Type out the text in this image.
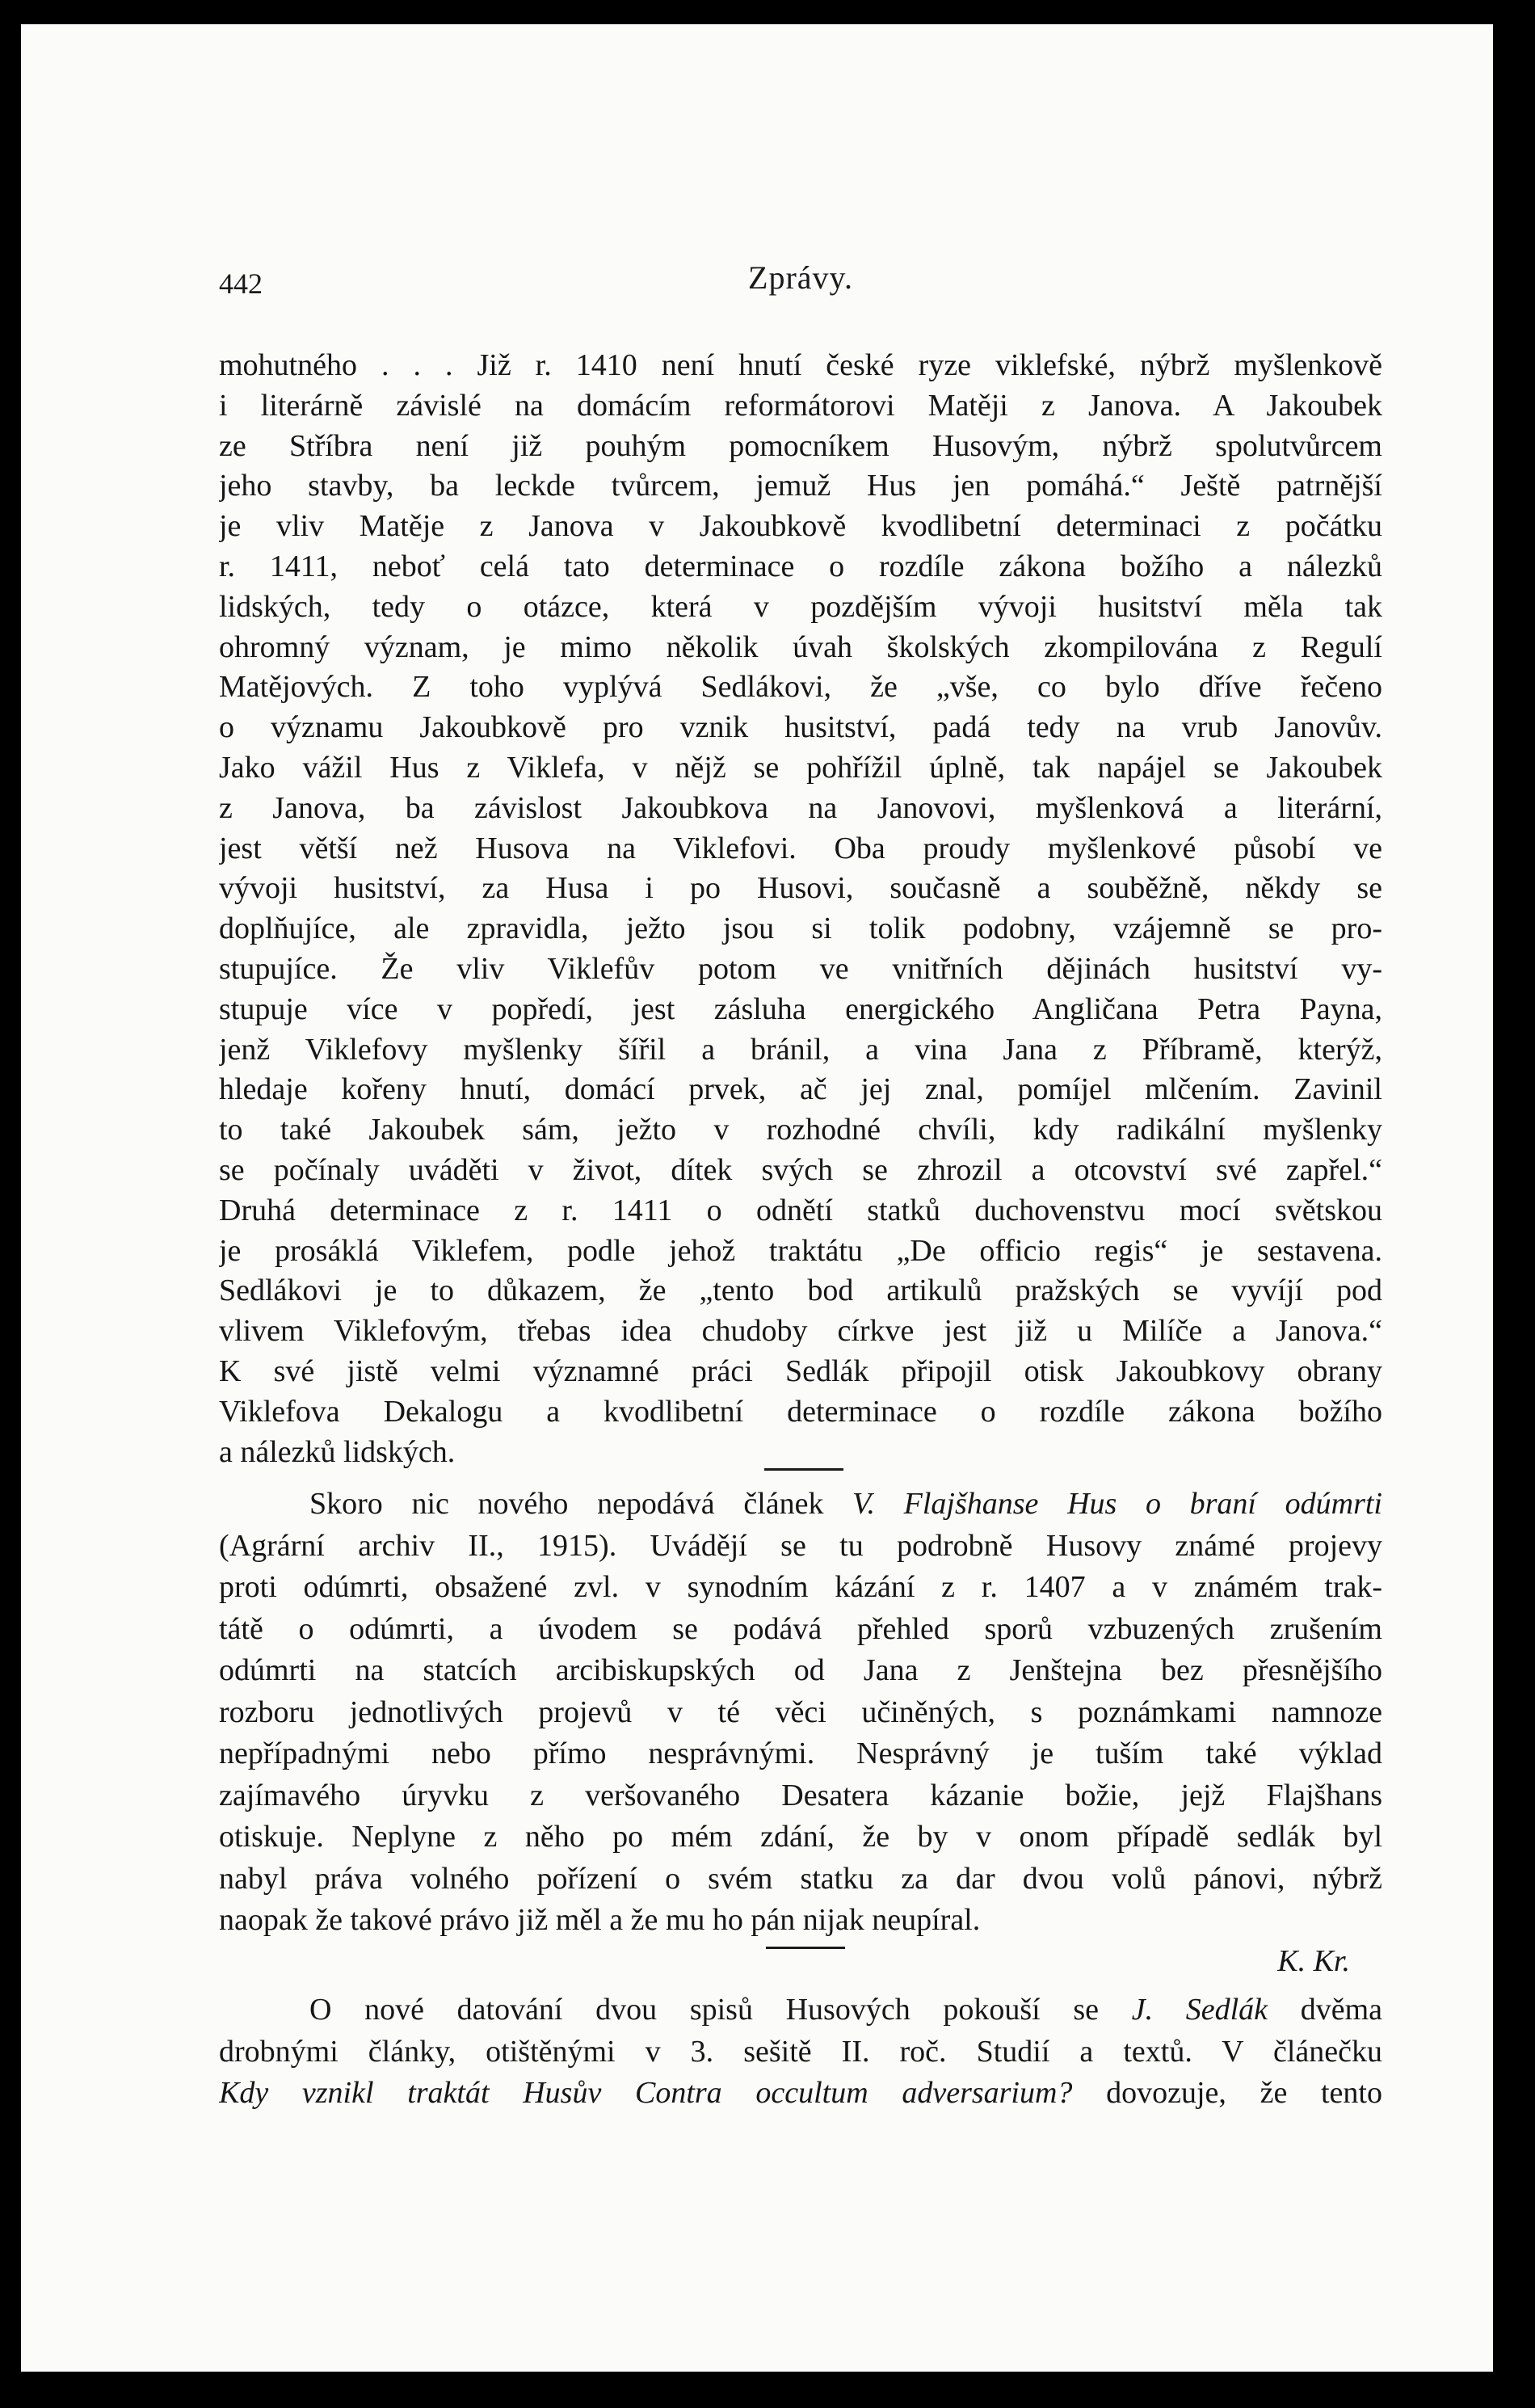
442	Zprávy.

mohutného . . . Již r. 1410 není hnutí české ryze viklefské, nýbrž myšlenkově
i literárně závislé na domácím reformátorovi Matěji z Janova. A Jakoubek
ze Stříbra není již pouhým pomocníkem Husovým, nýbrž spolutvůrcem
jeho stavby, ba leckde tvůrcem, jemuž Hus jen pomáhá.“ Ještě patrnější
je vliv Matěje z Janova v Jakoubkově kvodlibetní determinaci z počátku
r. 1411, neboť celá tato determinace o rozdíle zákona božího a nálezků
lidských, tedy o otázce, která v pozdějším vývoji husitství měla tak
ohromný význam, je mimo několik úvah školských zkompilována z Regulí
Matějových. Z toho vyplývá Sedlákovi, že „vše, co bylo dříve řečeno
o významu Jakoubkově pro vznik husitství, padá tedy na vrub Janovův.
Jako vážil Hus z Viklefa, v nějž se pohřížil úplně, tak napájel se Jakoubek
z Janova, ba závislost Jakoubkova na Janovovi, myšlenková a literární,
jest větší než Husova na Viklefovi. Oba proudy myšlenkové působí ve
vývoji husitství, za Husa i po Husovi, současně a souběžně, někdy se
doplňujíce, ale zpravidla, ježto jsou si tolik podobny, vzájemně se pro-
stupujíce. Že vliv Viklefův potom ve vnitřních dějinách husitství vy-
stupuje více v popředí, jest zásluha energického Angličana Petra Payna,
jenž Viklefovy myšlenky šířil a bránil, a vina Jana z Příbramě, kterýž,
hledaje kořeny hnutí, domácí prvek, ač jej znal, pomíjel mlčením. Zavinil
to také Jakoubek sám, ježto v rozhodné chvíli, kdy radikální myšlenky
se počínaly uváděti v život, dítek svých se zhrozil a otcovství své zapřel.“
Druhá determinace z r. 1411 o odnětí statků duchovenstvu mocí světskou
je prosáklá Viklefem, podle jehož traktátu „De officio regis“ je sestavena.
Sedlákovi je to důkazem, že „tento bod artikulů pražských se vyvíjí pod
vlivem Viklefovým, třebas idea chudoby církve jest již u Milíče a Janova.“
K své jistě velmi významné práci Sedlák připojil otisk Jakoubkovy obrany
Viklefova Dekalogu a kvodlibetní determinace o rozdíle zákona božího
a nálezků lidských.

Skoro nic nového nepodává článek V. Flajšhanse Hus o braní odúmrti
(Agrární archiv II., 1915). Uvádějí se tu podrobně Husovy známé projevy
proti odúmrti, obsažené zvl. v synodním kázání z r. 1407 a v známém trak-
tátě o odúmrti, a úvodem se podává přehled sporů vzbuzených zrušením
odúmrti na statcích arcibiskupských od Jana z Jenštejna bez přesnějšího
rozboru jednotlivých projevů v té věci učiněných, s poznámkami namnoze
nepřípadnými nebo přímo nesprávnými. Nesprávný je tuším také výklad
zajímavého úryvku z veršovaného Desatera kázanie božie, jejž Flajšhans
otiskuje. Neplyne z něho po mém zdání, že by v onom případě sedlák byl
nabyl práva volného pořízení o svém statku za dar dvou volů pánovi, nýbrž
naopak že takové právo již měl a že mu ho pán nijak neupíral.

K. Kr.

O nové datování dvou spisů Husových pokouší se J. Sedlák dvěma
drobnými články, otištěnými v 3. sešitě II. roč. Studií a textů. V článečku
Kdy vznikl traktát Husův Contra occultum adversarium? dovozuje, že tento
